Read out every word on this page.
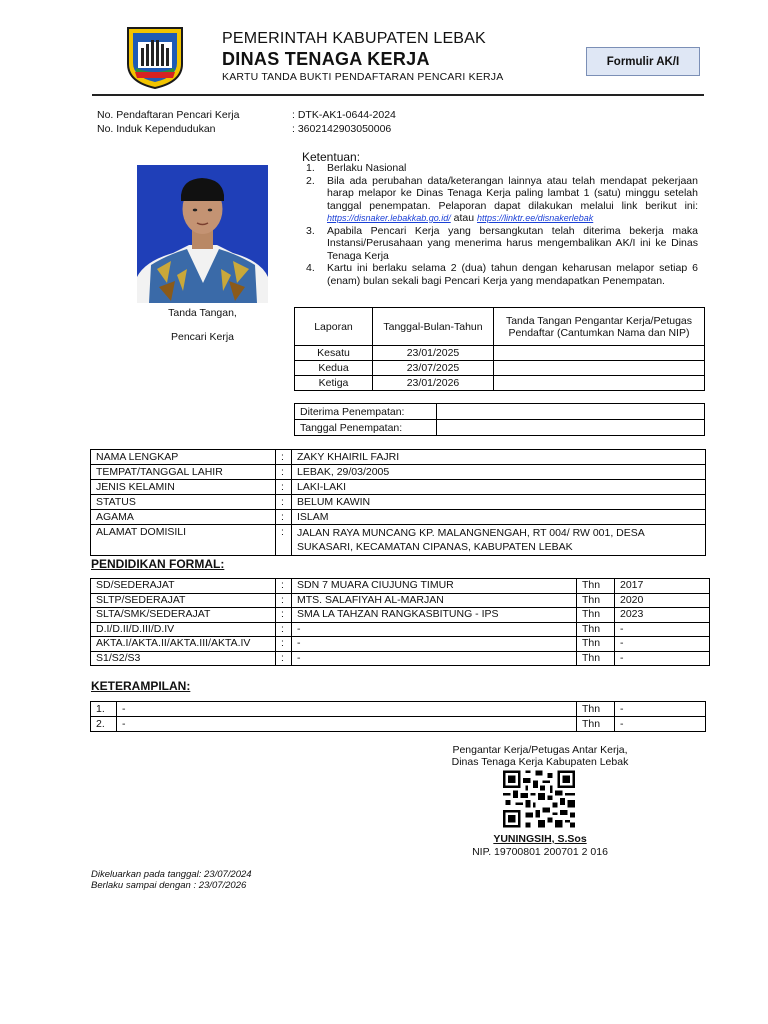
PEMERINTAH KABUPATEN LEBAK
DINAS TENAGA KERJA
KARTU TANDA BUKTI PENDAFTARAN PENCARI KERJA
Formulir AK/I
No. Pendaftaran Pencari Kerja	: DTK-AK1-0644-2024
No. Induk Kependudukan	: 3602142903050006
Tanda Tangan,
Pencari Kerja
Ketentuan:
1.	Berlaku Nasional
2.	Bila ada perubahan data/keterangan lainnya atau telah mendapat pekerjaan harap melapor ke Dinas Tenaga Kerja paling lambat 1 (satu) minggu setelah tanggal penempatan. Pelaporan dapat dilakukan melalui link berikut ini: https://disnaker.lebakkab.go.id/ atau https://linktr.ee/disnakerlebak
3.	Apabila Pencari Kerja yang bersangkutan telah diterima bekerja maka Instansi/Perusahaan yang menerima harus mengembalikan AK/I ini ke Dinas Tenaga Kerja
4.	Kartu ini berlaku selama 2 (dua) tahun dengan keharusan melapor setiap 6 (enam) bulan sekali bagi Pencari Kerja yang mendapatkan Penempatan.
Laporan	Tanggal-Bulan-Tahun	Tanda Tangan Pengantar Kerja/Petugas Pendaftar (Cantumkan Nama dan NIP)
Kesatu	23/01/2025	
Kedua	23/07/2025	
Ketiga	23/01/2026	
Diterima Penempatan:	
Tanggal Penempatan:	
NAMA LENGKAP	:	ZAKY KHAIRIL FAJRI
TEMPAT/TANGGAL LAHIR	:	LEBAK, 29/03/2005
JENIS KELAMIN	:	LAKI-LAKI
STATUS	:	BELUM KAWIN
AGAMA	:	ISLAM
ALAMAT DOMISILI	:	JALAN RAYA MUNCANG KP. MALANGNENGAH, RT 004/ RW 001, DESA SUKASARI, KECAMATAN CIPANAS, KABUPATEN LEBAK
PENDIDIKAN FORMAL:
SD/SEDERAJAT	:	SDN 7 MUARA CIUJUNG TIMUR	Thn	2017
SLTP/SEDERAJAT	:	MTS. SALAFIYAH AL-MARJAN	Thn	2020
SLTA/SMK/SEDERAJAT	:	SMA LA TAHZAN RANGKASBITUNG - IPS	Thn	2023
D.I/D.II/D.III/D.IV	:	-	Thn	-
AKTA.I/AKTA.II/AKTA.III/AKTA.IV	:	-	Thn	-
S1/S2/S3	:	-	Thn	-
KETERAMPILAN:
1.	-	Thn	-
2.	-	Thn	-
Pengantar Kerja/Petugas Antar Kerja,
Dinas Tenaga Kerja Kabupaten Lebak
YUNINGSIH, S.Sos
NIP. 19700801 200701 2 016
Dikeluarkan pada tanggal: 23/07/2024
Berlaku sampai dengan : 23/07/2026
